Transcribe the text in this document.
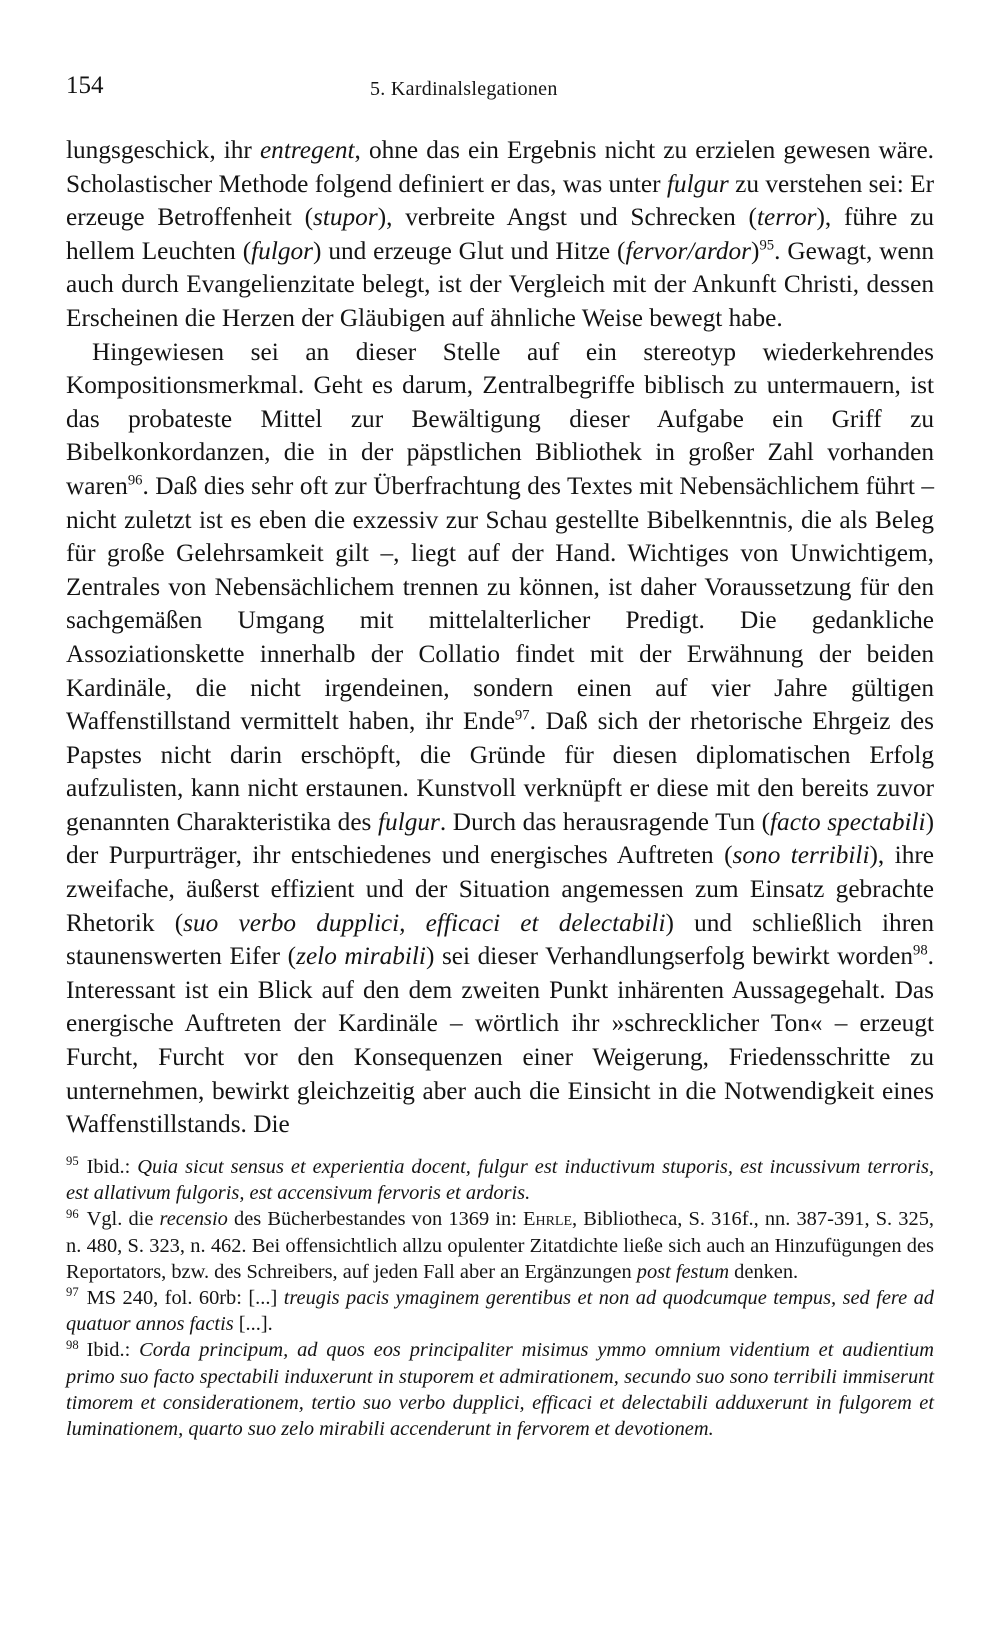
154	5. Kardinalslegationen

lungsgeschick, ihr entregent, ohne das ein Ergebnis nicht zu erzielen gewesen wäre. Scholastischer Methode folgend definiert er das, was unter fulgur zu verstehen sei: Er erzeuge Betroffenheit (stupor), verbreite Angst und Schrecken (terror), führe zu hellem Leuchten (fulgor) und erzeuge Glut und Hitze (fervor/ardor)$^{95}$. Gewagt, wenn auch durch Evangelienzitate belegt, ist der Vergleich mit der Ankunft Christi, dessen Erscheinen die Herzen der Gläubigen auf ähnliche Weise bewegt habe.

Hingewiesen sei an dieser Stelle auf ein stereotyp wiederkehrendes Kompositionsmerkmal. Geht es darum, Zentralbegriffe biblisch zu untermauern, ist das probateste Mittel zur Bewältigung dieser Aufgabe ein Griff zu Bibelkonkordanzen, die in der päpstlichen Bibliothek in großer Zahl vorhanden waren$^{96}$. Daß dies sehr oft zur Überfrachtung des Textes mit Nebensächlichem führt – nicht zuletzt ist es eben die exzessiv zur Schau gestellte Bibelkenntnis, die als Beleg für große Gelehrsamkeit gilt –, liegt auf der Hand. Wichtiges von Unwichtigem, Zentrales von Nebensächlichem trennen zu können, ist daher Voraussetzung für den sachgemäßen Umgang mit mittelalterlicher Predigt. Die gedankliche Assoziationskette innerhalb der Collatio findet mit der Erwähnung der beiden Kardinäle, die nicht irgendeinen, sondern einen auf vier Jahre gültigen Waffenstillstand vermittelt haben, ihr Ende$^{97}$. Daß sich der rhetorische Ehrgeiz des Papstes nicht darin erschöpft, die Gründe für diesen diplomatischen Erfolg aufzulisten, kann nicht erstaunen. Kunstvoll verknüpft er diese mit den bereits zuvor genannten Charakteristika des fulgur. Durch das herausragende Tun (facto spectabili) der Purpurträger, ihr entschiedenes und energisches Auftreten (sono terribili), ihre zweifache, äußerst effizient und der Situation angemessen zum Einsatz gebrachte Rhetorik (suo verbo dupplici, efficaci et delectabili) und schließlich ihren staunenswerten Eifer (zelo mirabili) sei dieser Verhandlungserfolg bewirkt worden$^{98}$. Interessant ist ein Blick auf den dem zweiten Punkt inhärenten Aussagegehalt. Das energische Auftreten der Kardinäle – wörtlich ihr »schrecklicher Ton« – erzeugt Furcht, Furcht vor den Konsequenzen einer Weigerung, Friedensschritte zu unternehmen, bewirkt gleichzeitig aber auch die Einsicht in die Notwendigkeit eines Waffenstillstands. Die

$^{95}$ Ibid.: Quia sicut sensus et experientia docent, fulgur est inductivum stuporis, est incussivum terroris, est allativum fulgoris, est accensivum fervoris et ardoris.

$^{96}$ Vgl. die recensio des Bücherbestandes von 1369 in: Ehrle, Bibliotheca, S. 316f., nn. 387-391, S. 325, n. 480, S. 323, n. 462. Bei offensichtlich allzu opulenter Zitatdichte ließe sich auch an Hinzufügungen des Reportators, bzw. des Schreibers, auf jeden Fall aber an Ergänzungen post festum denken.

$^{97}$ MS 240, fol. 60rb: [...] treugis pacis ymaginem gerentibus et non ad quodcumque tempus, sed fere ad quatuor annos factis [...].

$^{98}$ Ibid.: Corda principum, ad quos eos principaliter misimus ymmo omnium videntium et audientium primo suo facto spectabili induxerunt in stuporem et admirationem, secundo suo sono terribili immiserunt timorem et considerationem, tertio suo verbo dupplici, efficaci et delectabili adduxerunt in fulgorem et luminationem, quarto suo zelo mirabili accenderunt in fervorem et devotionem.
